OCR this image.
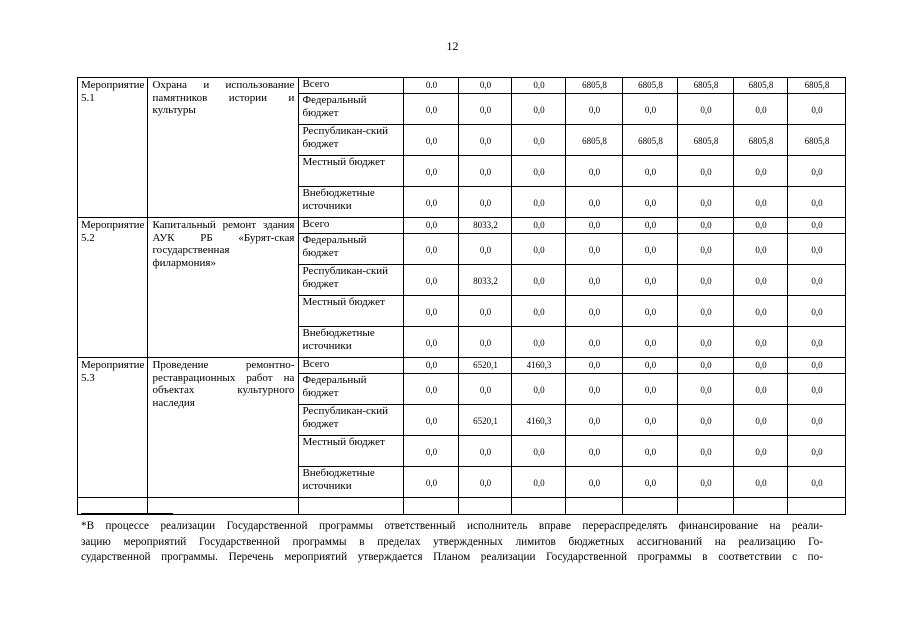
12
Мероприятие 5.1	Охрана и использование памятников истории и культуры	Всего	0.0	0,0	0,0	6805,8	6805,8	6805,8	6805,8	6805,8
		Федеральный бюджет	0,0	0,0	0,0	0,0	0,0	0,0	0,0	0,0
		Республикан-ский бюджет	0,0	0,0	0,0	6805,8	6805,8	6805,8	6805,8	6805,8
		Местный бюджет	0,0	0,0	0,0	0,0	0,0	0,0	0,0	0,0
		Внебюджетные источники	0,0	0,0	0,0	0,0	0,0	0,0	0,0	0,0
Мероприятие 5.2	Капитальный ремонт здания АУК РБ «Бурят-ская государственная филармония»	Всего	0,0	8033,2	0,0	0,0	0,0	0,0	0,0	0,0
		Федеральный бюджет	0,0	0,0	0,0	0,0	0,0	0,0	0,0	0,0
		Республикан-ский бюджет	0,0	8033,2	0,0	0,0	0,0	0,0	0,0	0,0
		Местный бюджет	0,0	0,0	0,0	0,0	0,0	0,0	0,0	0,0
		Внебюджетные источники	0,0	0,0	0,0	0,0	0,0	0,0	0,0	0,0
Мероприятие 5.3	Проведение ремонтно-реставрационных работ на объектах культурного наследия	Всего	0,0	6520,1	4160,3	0,0	0,0	0,0	0,0	0,0
		Федеральный бюджет	0,0	0,0	0,0	0,0	0,0	0,0	0,0	0,0
		Республикан-ский бюджет	0,0	6520,1	4160,3	0,0	0,0	0,0	0,0	0,0
		Местный бюджет	0,0	0,0	0,0	0,0	0,0	0,0	0,0	0,0
		Внебюджетные источники	0,0	0,0	0,0	0,0	0,0	0,0	0,0	0,0

*В процессе реализации Государственной программы ответственный исполнитель вправе перераспределять финансирование на реали-
зацию мероприятий Государственной программы в пределах утвержденных лимитов бюджетных ассигнований на реализацию Го-
сударственной программы. Перечень мероприятий утверждается Планом реализации Государственной программы в соответствии с по-
